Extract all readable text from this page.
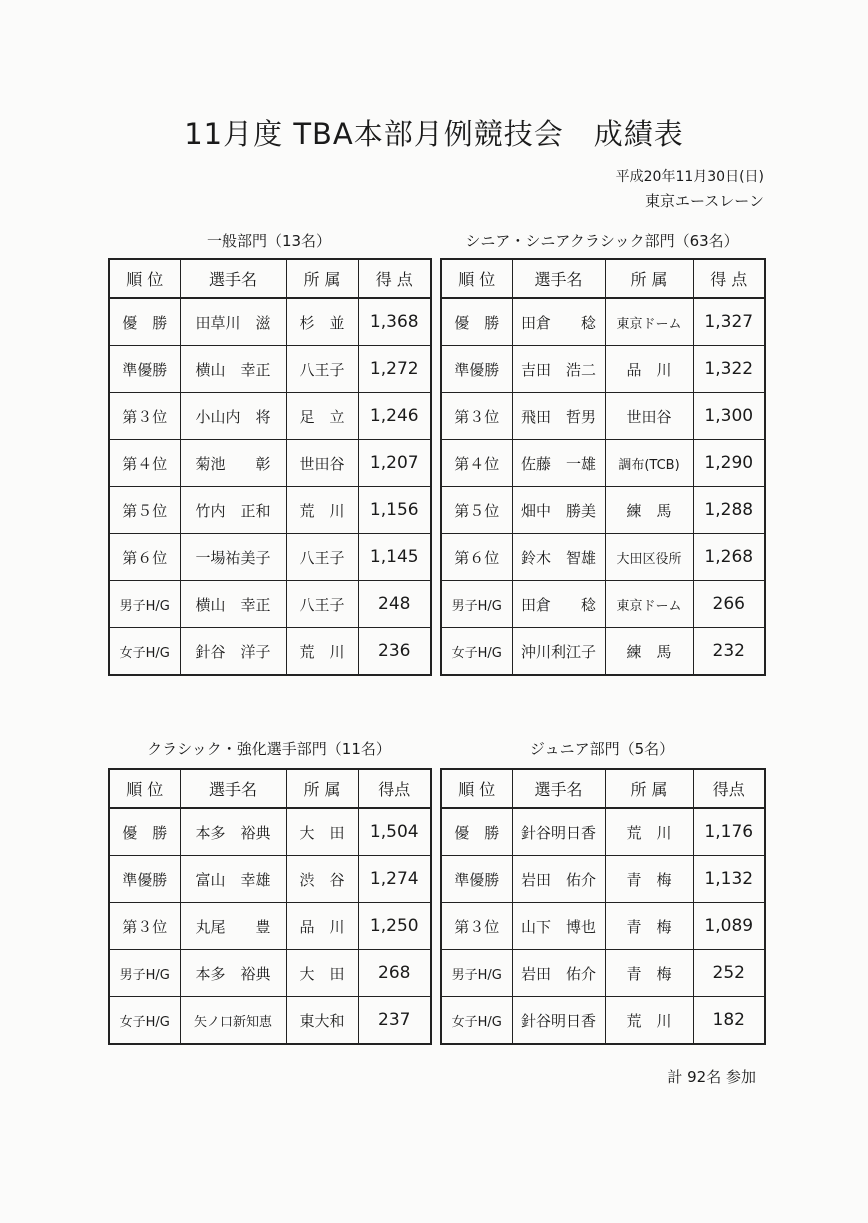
11月度 TBA本部月例競技会　成績表
平成20年11月30日(日)
東京エースレーン
一般部門（13名）
順 位	選手名	所 属	得 点
優　勝	田草川　滋	杉　並	1,368
準優勝	横山　幸正	八王子	1,272
第３位	小山内　将	足　立	1,246
第４位	菊池　　彰	世田谷	1,207
第５位	竹内　正和	荒　川	1,156
第６位	一場祐美子	八王子	1,145
男子H/G	横山　幸正	八王子	248
女子H/G	針谷　洋子	荒　川	236
シニア・シニアクラシック部門（63名）
順 位	選手名	所 属	得 点
優　勝	田倉　　稔	東京ドーム	1,327
準優勝	吉田　浩二	品　川	1,322
第３位	飛田　哲男	世田谷	1,300
第４位	佐藤　一雄	調布(TCB)	1,290
第５位	畑中　勝美	練　馬	1,288
第６位	鈴木　智雄	大田区役所	1,268
男子H/G	田倉　　稔	東京ドーム	266
女子H/G	沖川利江子	練　馬	232
クラシック・強化選手部門（11名）
順 位	選手名	所 属	得点
優　勝	本多　裕典	大　田	1,504
準優勝	富山　幸雄	渋　谷	1,274
第３位	丸尾　　豊	品　川	1,250
男子H/G	本多　裕典	大　田	268
女子H/G	矢ノ口新知恵	東大和	237
ジュニア部門（5名）
順 位	選手名	所 属	得点
優　勝	針谷明日香	荒　川	1,176
準優勝	岩田　佑介	青　梅	1,132
第３位	山下　博也	青　梅	1,089
男子H/G	岩田　佑介	青　梅	252
女子H/G	針谷明日香	荒　川	182
計 92名 参加
